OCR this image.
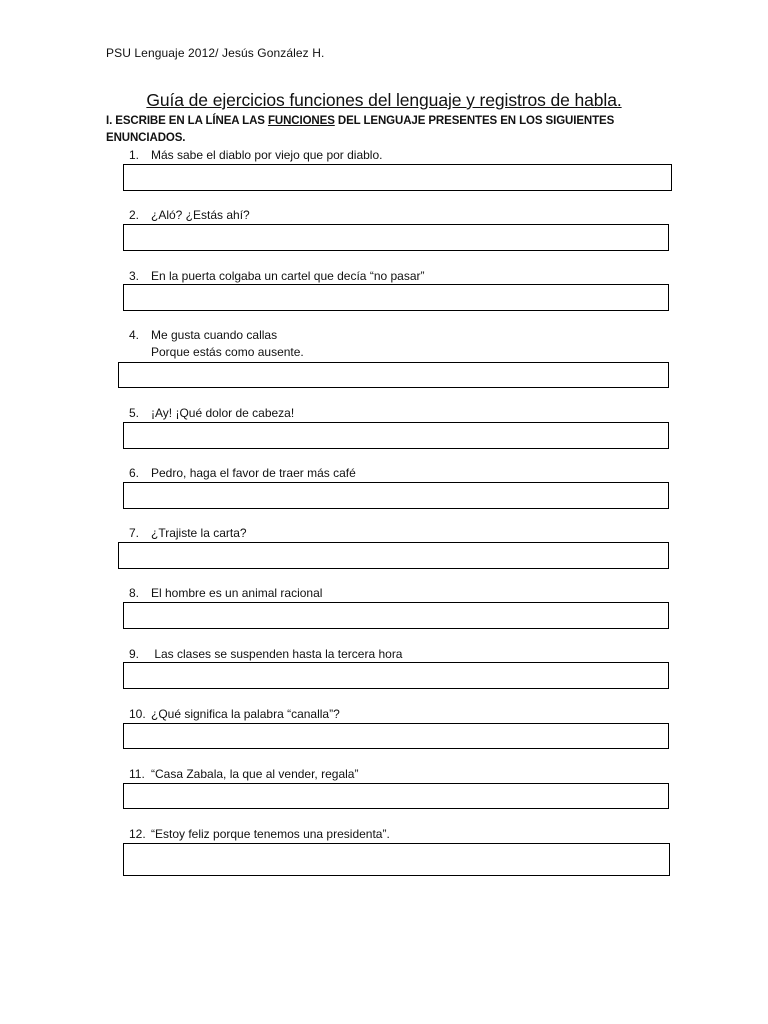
PSU Lenguaje 2012/ Jesús González H.
Guía de ejercicios funciones del lenguaje y registros de habla.
I. ESCRIBE EN LA LÍNEA LAS FUNCIONES DEL LENGUAJE PRESENTES EN LOS SIGUIENTES ENUNCIADOS.
1. Más sabe el diablo por viejo que por diablo.
2. ¿Aló? ¿Estás ahí?
3. En la puerta colgaba un cartel que decía “no pasar”
4. Me gusta cuando callas
Porque estás como ausente.
5. ¡Ay! ¡Qué dolor de cabeza!
6. Pedro, haga el favor de traer más café
7. ¿Trajiste la carta?
8. El hombre es un animal racional
9. Las clases se suspenden hasta la tercera hora
10. ¿Qué significa la palabra “canalla”?
11. “Casa Zabala, la que al vender, regala”
12. “Estoy feliz porque tenemos una presidenta”.
